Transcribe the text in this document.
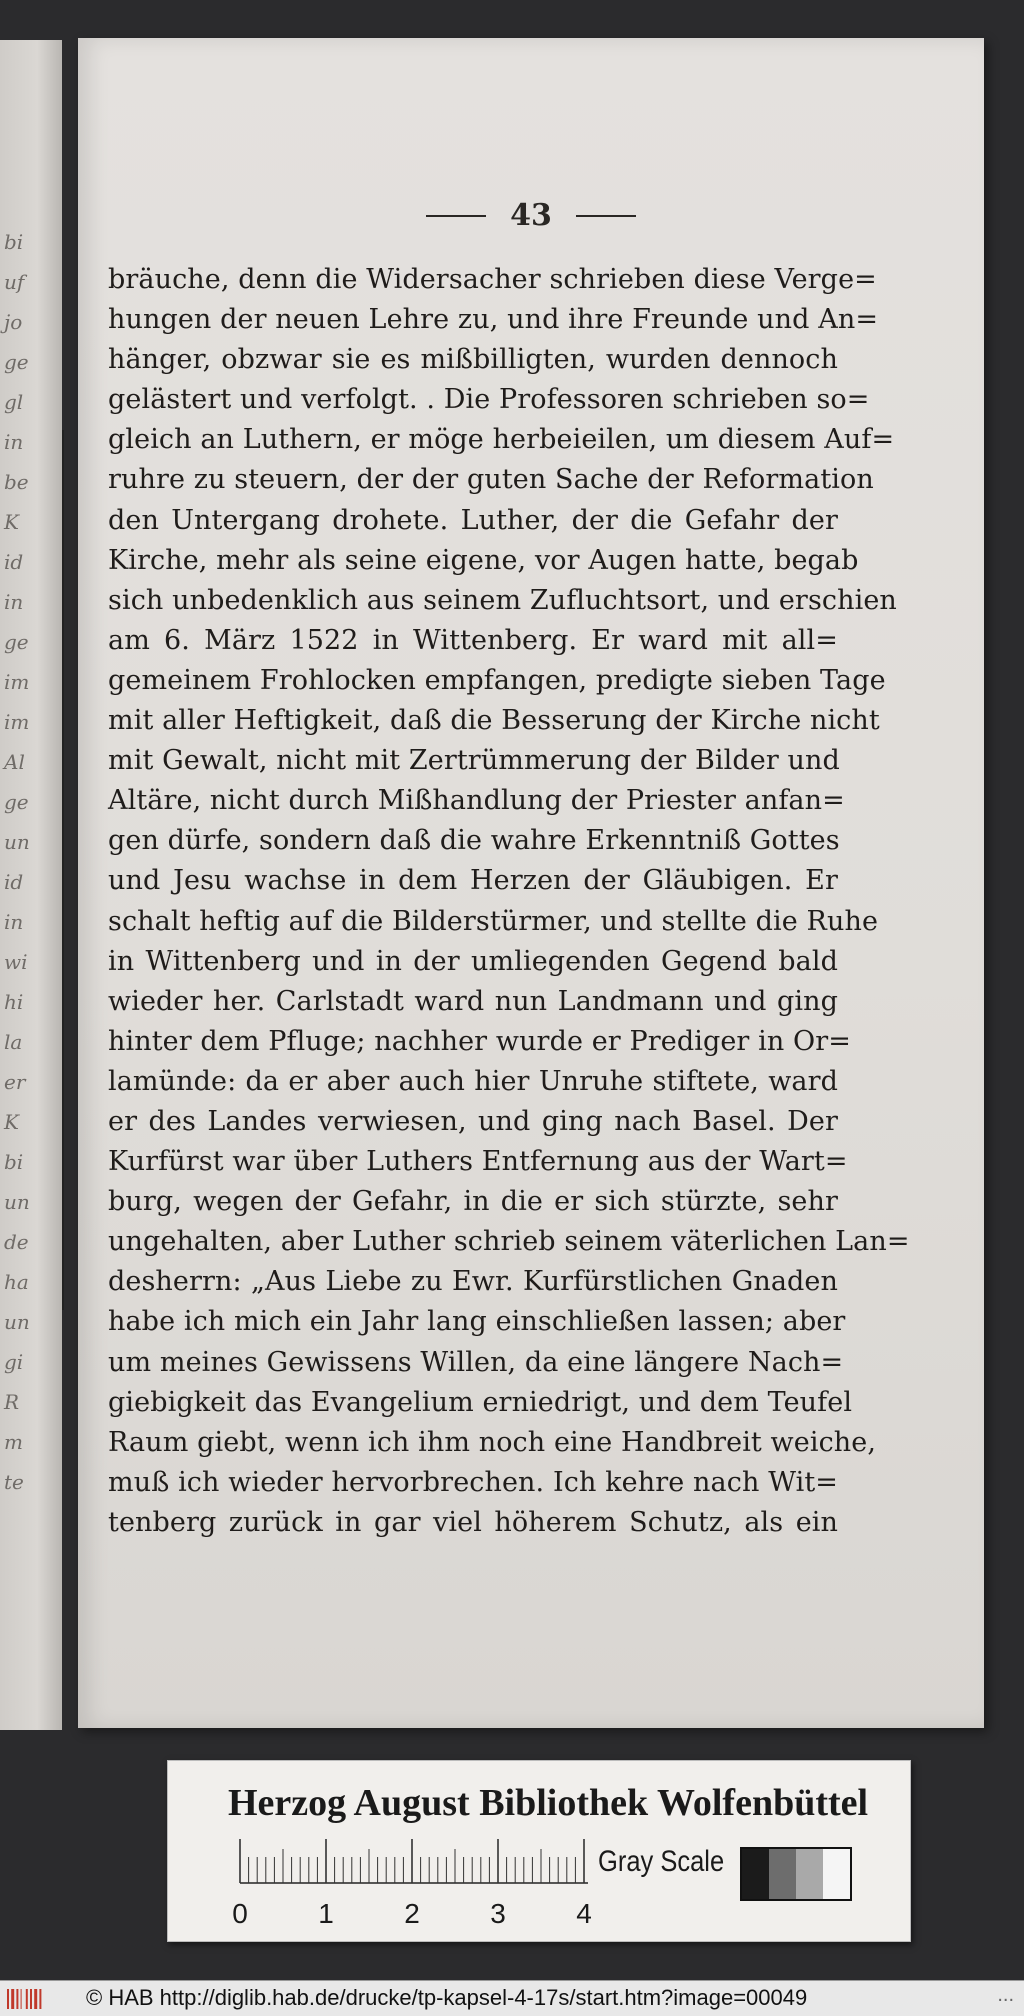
bi
uf
jo
ge
gl
in
be
K
id
in
ge
im
im
Al
ge
un
id
in
wi
hi
la
er
K
bi
un
de
ha
un
gi
R
m
te
43
bräuche, denn die Widersacher schrieben diese Verge=
hungen der neuen Lehre zu, und ihre Freunde und An=
hänger, obzwar sie es mißbilligten, wurden dennoch
gelästert und verfolgt. . Die Professoren schrieben so=
gleich an Luthern, er möge herbeieilen, um diesem Auf=
ruhre zu steuern, der der guten Sache der Reformation
den Untergang drohete. Luther, der die Gefahr der
Kirche, mehr als seine eigene, vor Augen hatte, begab
sich unbedenklich aus seinem Zufluchtsort, und erschien
am 6. März 1522 in Wittenberg. Er ward mit all=
gemeinem Frohlocken empfangen, predigte sieben Tage
mit aller Heftigkeit, daß die Besserung der Kirche nicht
mit Gewalt, nicht mit Zertrümmerung der Bilder und
Altäre, nicht durch Mißhandlung der Priester anfan=
gen dürfe, sondern daß die wahre Erkenntniß Gottes
und Jesu wachse in dem Herzen der Gläubigen. Er
schalt heftig auf die Bilderstürmer, und stellte die Ruhe
in Wittenberg und in der umliegenden Gegend bald
wieder her. Carlstadt ward nun Landmann und ging
hinter dem Pfluge; nachher wurde er Prediger in Or=
lamünde: da er aber auch hier Unruhe stiftete, ward
er des Landes verwiesen, und ging nach Basel. Der
Kurfürst war über Luthers Entfernung aus der Wart=
burg, wegen der Gefahr, in die er sich stürzte, sehr
ungehalten, aber Luther schrieb seinem väterlichen Lan=
desherrn: „Aus Liebe zu Ewr. Kurfürstlichen Gnaden
habe ich mich ein Jahr lang einschließen lassen; aber
um meines Gewissens Willen, da eine längere Nach=
giebigkeit das Evangelium erniedrigt, und dem Teufel
Raum giebt, wenn ich ihm noch eine Handbreit weiche,
muß ich wieder hervorbrechen. Ich kehre nach Wit=
tenberg zurück in gar viel höherem Schutz, als ein
Herzog August Bibliothek Wolfenbüttel
0	1	2	3	4
Gray Scale
© HAB http://diglib.hab.de/drucke/tp-kapsel-4-17s/start.htm?image=00049	...
